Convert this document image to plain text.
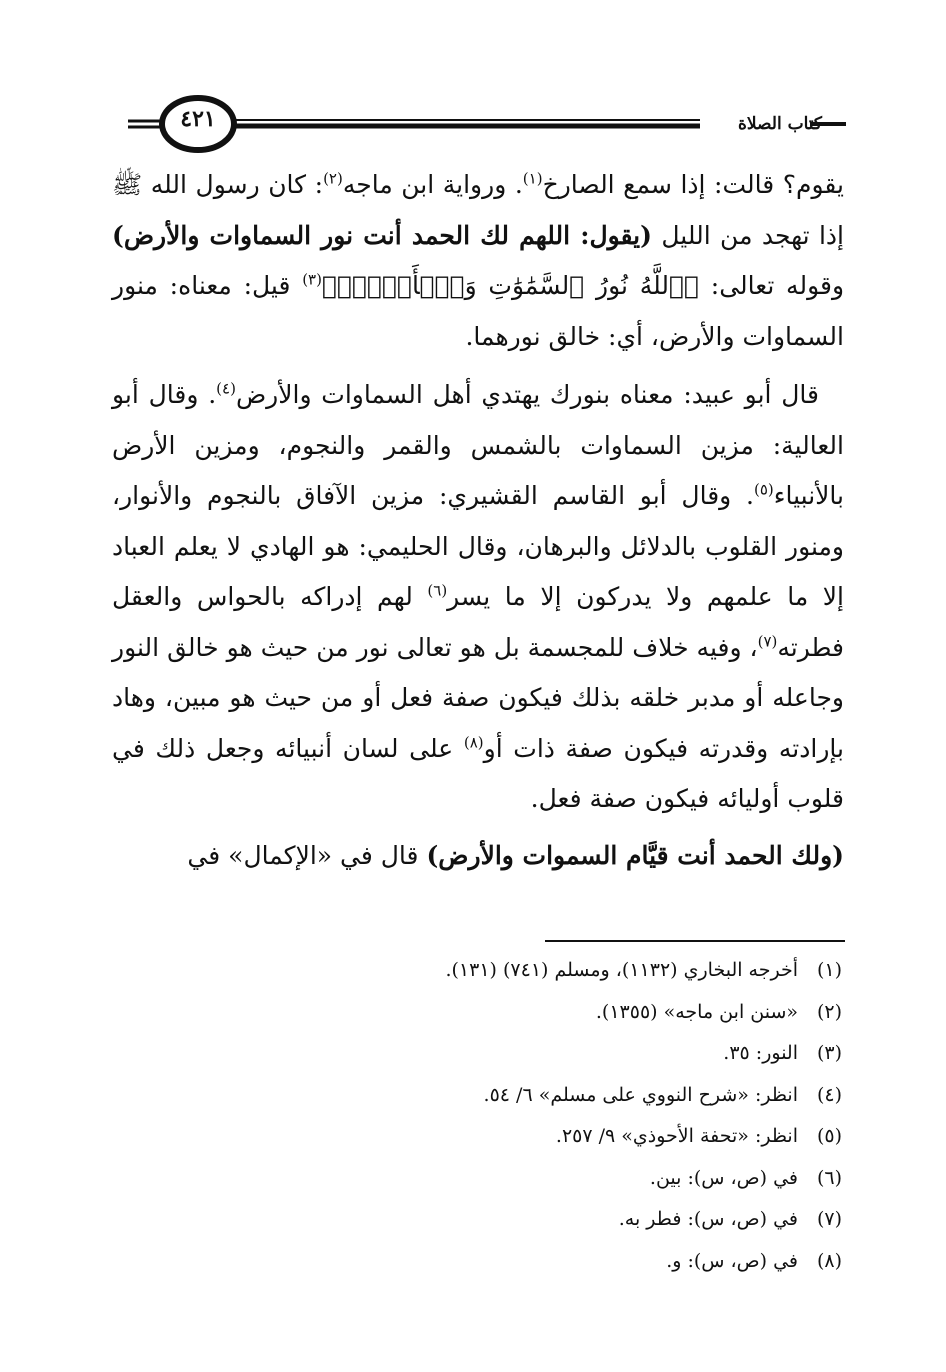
٤٢١	كتاب الصلاة

يقوم؟ قالت: إذا سمع الصارخ$^{(١)}$. ورواية ابن ماجه$^{(٢)}$: كان رسول الله ﷺ إذا تهجد من الليل (يقول: اللهم لك الحمد أنت نور السماوات والأرض) وقوله تعالى: ﴿ٱللَّهُ نُورُ ٱلسَّمَٰوَٰتِ وَٱلۡأَرۡضِۚ﴾$^{(٣)}$ قيل: معناه: منور السماوات والأرض، أي: خالق نورهما.

 قال أبو عبيد: معناه بنورك يهتدي أهل السماوات والأرض$^{(٤)}$. وقال أبو العالية: مزين السماوات بالشمس والقمر والنجوم، ومزين الأرض بالأنبياء$^{(٥)}$. وقال أبو القاسم القشيري: مزين الآفاق بالنجوم والأنوار، ومنور القلوب بالدلائل والبرهان، وقال الحليمي: هو الهادي لا يعلم العباد إلا ما علمهم ولا يدركون إلا ما يسر$^{(٦)}$ لهم إدراكه بالحواس والعقل فطرته$^{(٧)}$، وفيه خلاف للمجسمة بل هو تعالى نور من حيث هو خالق النور وجاعله أو مدبر خلقه بذلك فيكون صفة فعل أو من حيث هو مبين، وهاد بإرادته وقدرته فيكون صفة ذات أو$^{(٨)}$ على لسان أنبيائه وجعل ذلك في قلوب أوليائه فيكون صفة فعل.

(ولك الحمد أنت قيَّام السموات والأرض) قال في «الإكمال» في

(١)
أخرجه البخاري (١١٣٢)، ومسلم (٧٤١) (١٣١).
(٢)
«سنن ابن ماجه» (١٣٥٥).
(٣)
النور: ٣٥.
(٤)
انظر: «شرح النووي على مسلم» ٦/ ٥٤.
(٥)
انظر: «تحفة الأحوذي» ٩/ ٢٥٧.
(٦)
في (ص، س): بين.
(٧)
في (ص، س): فطر به.
(٨)
في (ص، س): و.
